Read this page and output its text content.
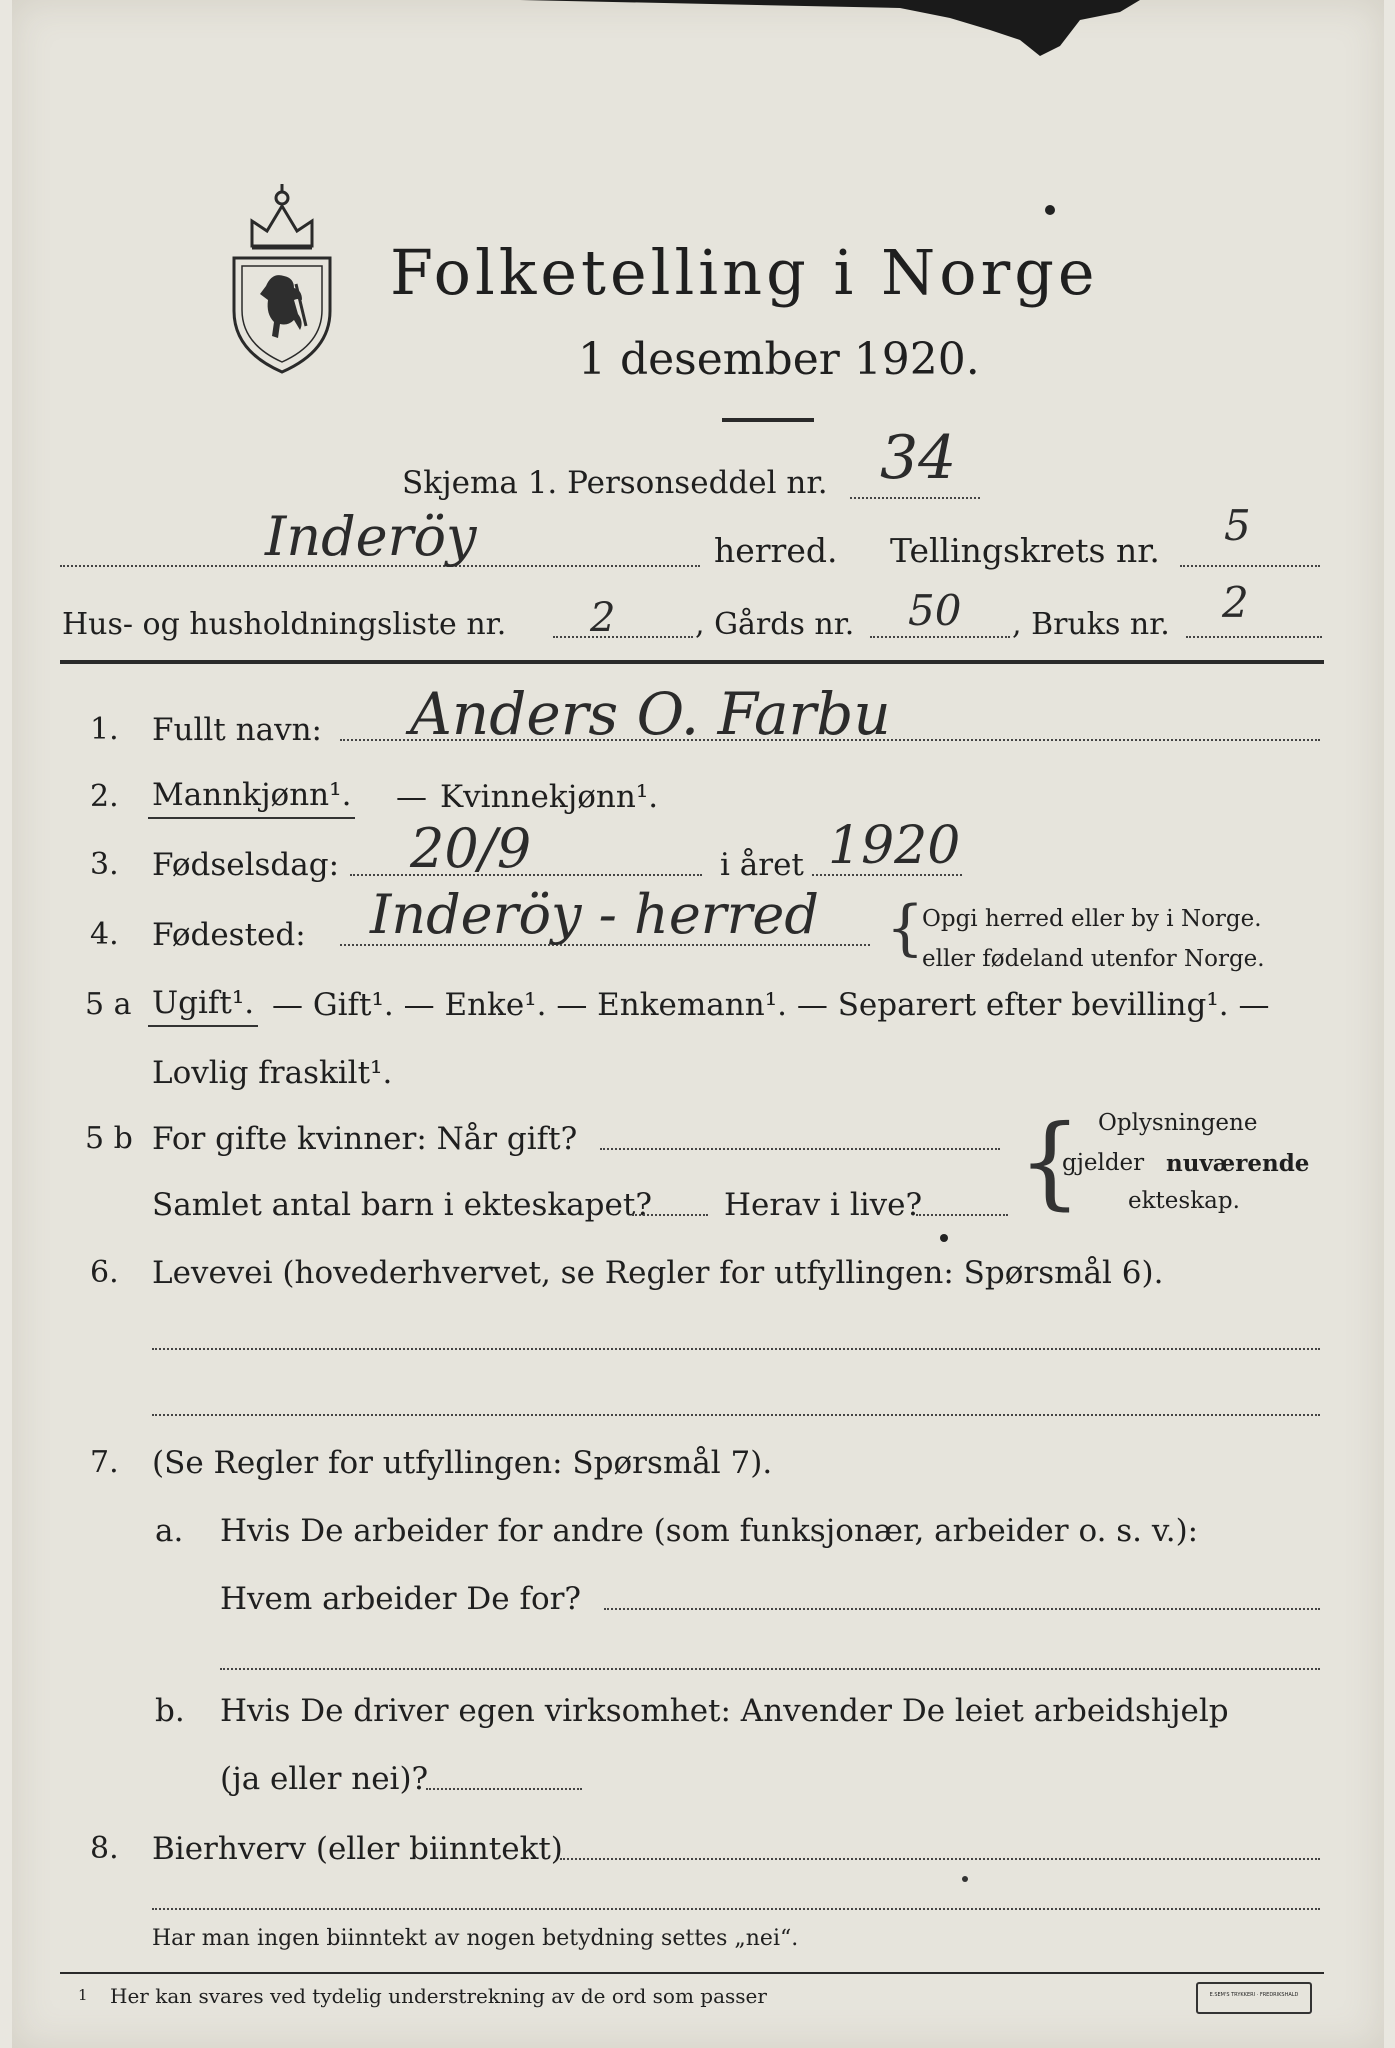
Folketelling i Norge
1 desember 1920.
Skjema 1. Personseddel nr. 34
Inderöy	herred. Tellingskrets nr.
5
Hus- og husholdningsliste nr. 2	, Gårds nr. 50 , Bruks nr. 2
1. Fullt navn: Anders O. Farbu
2. Mannkjønn¹. — Kvinnekjønn¹.
3. Fødselsdag: 20/9	i året 1920
4. Fødested: Inderöy - herred {
Opgi herred eller by i Norge.
eller fødeland utenfor Norge.
5 a Ugift¹. — Gift¹. — Enke¹. — Enkemann¹. — Separert efter bevilling¹. —
Lovlig fraskilt¹.
5 b For gifte kvinner: Når gift?
Samlet antal barn i ekteskapet? Herav i live? { Oplysningene
gjelder nuværende
ekteskap.
6. Levevei (hovederhvervet, se Regler for utfyllingen: Spørsmål 6).
7. (Se Regler for utfyllingen: Spørsmål 7).
a. Hvis De arbeider for andre (som funksjonær, arbeider o. s. v.):
Hvem arbeider De for?
b. Hvis De driver egen virksomhet: Anvender De leiet arbeidshjelp
(ja eller nei)?
8. Bierhverv (eller biinntekt)
Har man ingen biinntekt av nogen betydning settes „nei“.
1 Her kan svares ved tydelig understrekning av de ord som passer	E.SEM'S TRYKKERI · FREDRIKSHALD
